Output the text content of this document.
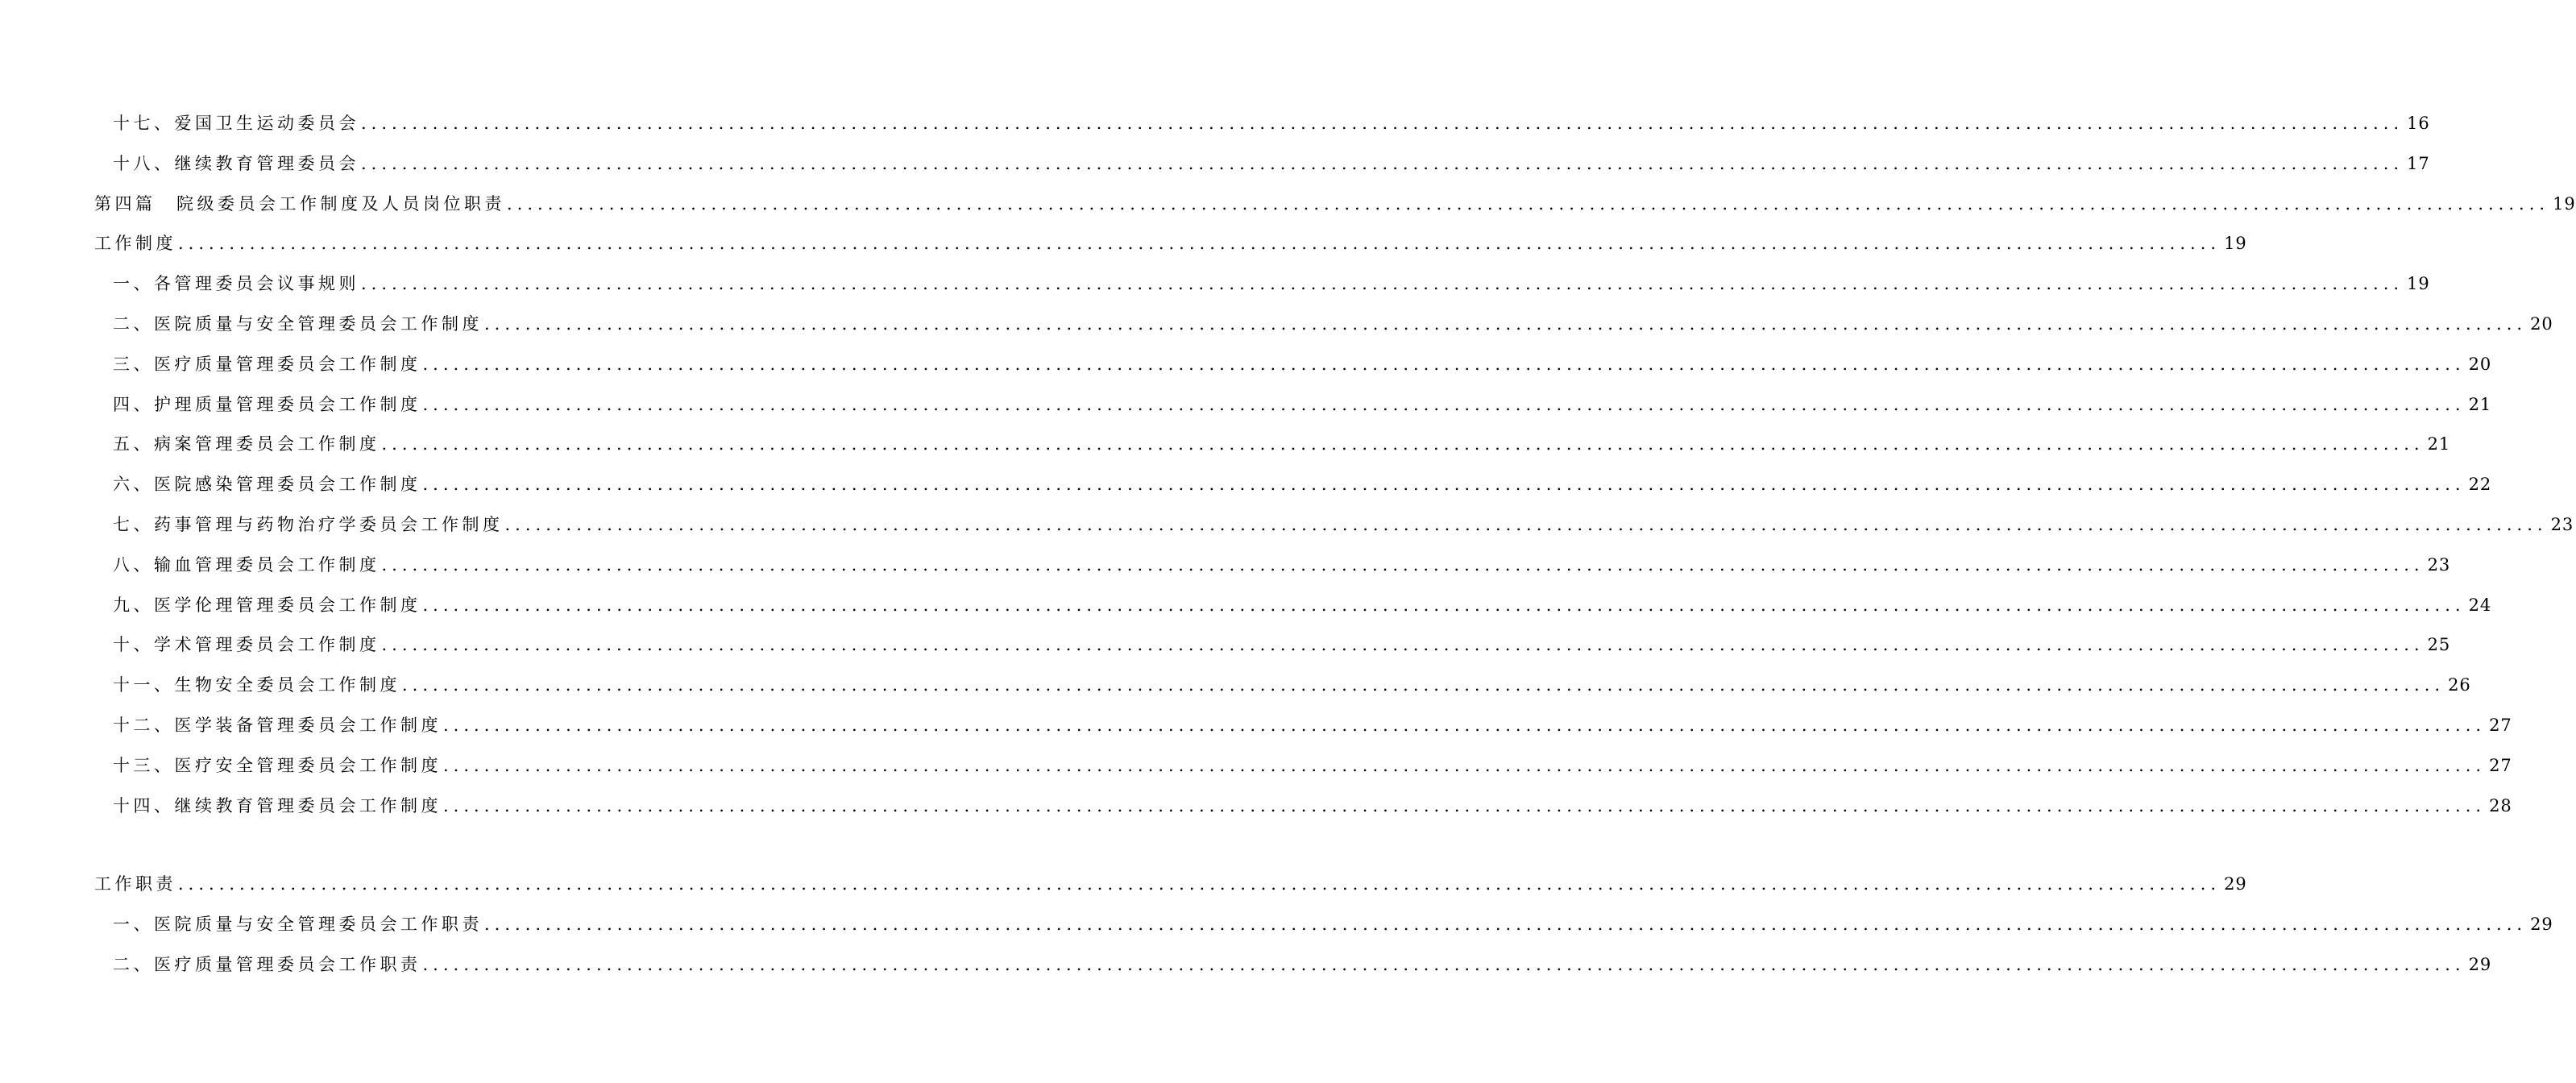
十七、爱国卫生运动委员会 ........................................................................................................................................................................................................ 16
十八、继续教育管理委员会 ........................................................................................................................................................................................................ 17
第四篇　院级委员会工作制度及人员岗位职责 ........................................................................................................................................................................................................ 19
工作制度 ........................................................................................................................................................................................................ 19
一、各管理委员会议事规则 ........................................................................................................................................................................................................ 19
二、医院质量与安全管理委员会工作制度 ........................................................................................................................................................................................................ 20
三、医疗质量管理委员会工作制度 ........................................................................................................................................................................................................ 20
四、护理质量管理委员会工作制度 ........................................................................................................................................................................................................ 21
五、病案管理委员会工作制度 ........................................................................................................................................................................................................ 21
六、医院感染管理委员会工作制度 ........................................................................................................................................................................................................ 22
七、药事管理与药物治疗学委员会工作制度 ........................................................................................................................................................................................................ 23
八、输血管理委员会工作制度 ........................................................................................................................................................................................................ 23
九、医学伦理管理委员会工作制度 ........................................................................................................................................................................................................ 24
十、学术管理委员会工作制度 ........................................................................................................................................................................................................ 25
十一、生物安全委员会工作制度 ........................................................................................................................................................................................................ 26
十二、医学装备管理委员会工作制度 ........................................................................................................................................................................................................ 27
十三、医疗安全管理委员会工作制度 ........................................................................................................................................................................................................ 27
十四、继续教育管理委员会工作制度 ........................................................................................................................................................................................................ 28
工作职责 ........................................................................................................................................................................................................ 29
一、医院质量与安全管理委员会工作职责 ........................................................................................................................................................................................................ 29
二、医疗质量管理委员会工作职责 ........................................................................................................................................................................................................ 29
